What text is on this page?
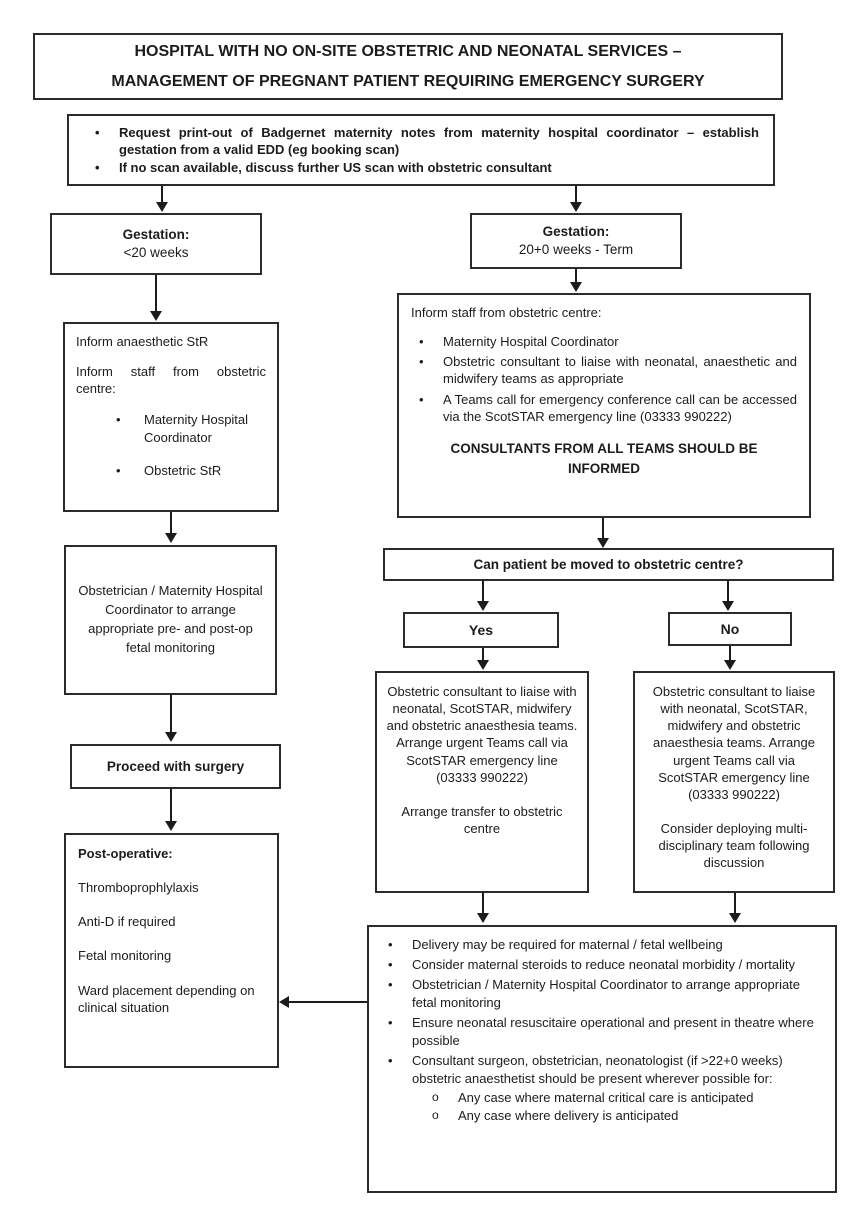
HOSPITAL WITH NO ON-SITE OBSTETRIC AND NEONATAL SERVICES –
MANAGEMENT OF PREGNANT PATIENT REQUIRING EMERGENCY SURGERY
• Request print-out of Badgernet maternity notes from maternity hospital coordinator – establish gestation from a valid EDD (eg booking scan)
• If no scan available, discuss further US scan with obstetric consultant
Gestation:
<20 weeks
Gestation:
20+0 weeks - Term

Inform anaesthetic StR

Inform staff from obstetric centre:

• Maternity Hospital Coordinator
• Obstetric StR

Inform staff from obstetric centre:

• Maternity Hospital Coordinator
• Obstetric consultant to liaise with neonatal, anaesthetic and midwifery teams as appropriate
• A Teams call for emergency conference call can be accessed via the ScotSTAR emergency line (03333 990222)
CONSULTANTS FROM ALL TEAMS SHOULD BE INFORMED
Can patient be moved to obstetric centre?
Yes	No

Obstetric consultant to liaise with neonatal, ScotSTAR, midwifery and obstetric anaesthesia teams. Arrange urgent Teams call via ScotSTAR emergency line (03333 990222)

Arrange transfer to obstetric centre

Obstetric consultant to liaise with neonatal, ScotSTAR, midwifery and obstetric anaesthesia teams. Arrange urgent Teams call via ScotSTAR emergency line (03333 990222)

Consider deploying multi-disciplinary team following discussion

Obstetrician / Maternity Hospital Coordinator to arrange appropriate pre- and post-op fetal monitoring
Proceed with surgery

Post-operative:

Thromboprophlylaxis

Anti-D if required

Fetal monitoring

Ward placement depending on clinical situation

• Delivery may be required for maternal / fetal wellbeing
• Consider maternal steroids to reduce neonatal morbidity / mortality
• Obstetrician / Maternity Hospital Coordinator to arrange appropriate fetal monitoring
• Ensure neonatal resuscitaire operational and present in theatre where possible
• Consultant surgeon, obstetrician, neonatologist (if >22+0 weeks) obstetric anaesthetist should be present wherever possible for:
o Any case where maternal critical care is anticipated
o Any case where delivery is anticipated
